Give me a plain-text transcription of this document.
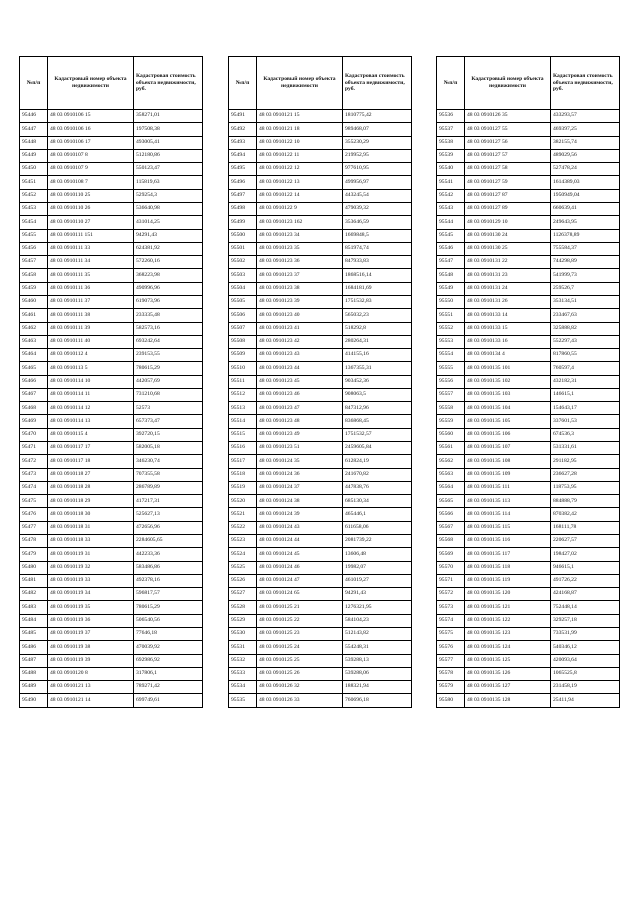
№п/п	Кадастровый номер объекта недвижимости	Кадастровая стоимость объекта недвижимости, руб.
95446	48 03 0910106 15	358271,01
95447	48 03 0910106 16	197508,38
95448	48 03 0910106 17	493005,41
95449	48 03 0910107 8	512180,86
95450	48 03 0910107 9	550123,47
95451	48 03 0910108 7	115819,63
95452	48 03 0910110 25	529254,3
95453	48 03 0910110 26	536640,98
95454	48 03 0910110 27	431014,25
95455	48 03 0910111 151	94291,43
95456	48 03 0910111 33	624381,92
95457	48 03 0910111 34	572260,16
95458	48 03 0910111 35	368223,98
95459	48 03 0910111 36	490996,96
95460	48 03 0910111 37	619073,96
95461	48 03 0910111 38	233335,48
95462	48 03 0910111 39	582573,16
95463	48 03 0910111 40	693242,64
95464	48 03 0910112 4	239153,55
95465	48 03 0910113 5	780615,29
95466	48 03 0910114 10	442057,69
95467	48 03 0910114 11	731210,68
95468	48 03 0910114 12	52573
95469	48 03 0910114 13	657373,47
95470	48 03 0910115 4	392720,15
95471	48 03 0910117 17	582005,18
95472	48 03 0910117 18	346230,74
95473	48 03 0910118 27	707355,58
95474	48 03 0910118 28	286789,89
95475	48 03 0910118 29	417217,31
95476	48 03 0910118 30	525627,13
95477	48 03 0910118 31	472656,96
95478	48 03 0910118 33	2284605,65
95479	48 03 0910119 31	442233,36
95480	48 03 0910119 32	583486,86
95481	48 03 0910119 33	492378,16
95482	48 03 0910119 34	596817,57
95483	48 03 0910119 35	780615,29
95484	48 03 0910119 36	506540,56
95485	48 03 0910119 37	77646,18
95486	48 03 0910119 38	470039,92
95487	48 03 0910119 39	692986,92
95488	48 03 0910120 8	317806,1
95489	48 03 0910121 13	789271,42
95490	48 03 0910121 14	699749,61
№п/п	Кадастровый номер объекта недвижимости	Кадастровая стоимость объекта недвижимости, руб.
95491	48 03 0910121 15	1810775,42
95492	48 03 0910121 18	989468,07
95493	48 03 0910122 10	355230,29
95494	48 03 0910122 11	219952,95
95495	48 03 0910122 12	977610,95
95496	48 03 0910122 13	499956,97
95497	48 03 0910122 14	443245,54
95498	48 03 0910122 9	479039,32
95499	48 03 0910123 162	353646,59
95500	48 03 0910123 34	1669848,5
95501	48 03 0910123 35	851974,74
95502	48 03 0910123 36	847933,83
95503	48 03 0910123 37	1868516,14
95504	48 03 0910123 38	1684181,69
95505	48 03 0910123 39	1751532,83
95506	48 03 0910123 40	565032,23
95507	48 03 0910123 41	518292,8
95508	48 03 0910123 42	280264,31
95509	48 03 0910123 43	414155,16
95510	48 03 0910123 44	1367355,31
95511	48 03 0910123 45	903452,36
95512	48 03 0910123 46	908063,5
95513	48 03 0910123 47	847312,96
95514	48 03 0910123 48	836868,45
95515	48 03 0910123 49	1751532,57
95516	48 03 0910123 51	2459605,84
95517	48 03 0910124 35	612824,19
95518	48 03 0910124 36	241670,82
95519	48 03 0910124 37	447838,76
95520	48 03 0910124 38	685130,34
95521	48 03 0910124 39	465446,1
95522	48 03 0910124 43	611658,06
95523	48 03 0910124 44	2081739,22
95524	48 03 0910124 45	13606,48
95525	48 03 0910124 46	19982,07
95526	48 03 0910124 47	461019,27
95527	48 03 0910124 65	94291,43
95528	48 03 0910125 21	1276321,95
95529	48 03 0910125 22	584104,23
95530	48 03 0910125 23	512143,82
95531	48 03 0910125 24	554248,31
95532	48 03 0910125 25	539288,13
95533	48 03 0910125 26	539288,06
95534	48 03 0910126 32	188321,94
95535	48 03 0910126 33	760696,18
№п/п	Кадастровый номер объекта недвижимости	Кадастровая стоимость объекта недвижимости, руб.
95536	48 03 0910126 35	433293,57
95537	48 03 0910127 55	469397,25
95538	48 03 0910127 56	382155,74
95539	48 03 0910127 57	489029,56
95540	48 03 0910127 58	527478,24
95541	48 03 0910127 59	1614389,03
95542	48 03 0910127 87	1950949,04
95543	48 03 0910127 89	660639,41
95544	48 03 0910129 10	249643,95
95545	48 03 0910130 24	1126378,89
95546	48 03 0910130 25	755584,37
95547	48 03 0910131 22	744298,89
95548	48 03 0910131 23	541999,73
95549	48 03 0910131 24	259526,7
95550	48 03 0910131 26	353134,51
95551	48 03 0910133 14	233467,63
95552	48 03 0910133 15	325888,82
95553	48 03 0910133 16	552297,43
95554	48 03 0910134 4	817860,55
95555	48 03 0910135 101	760597,4
95556	48 03 0910135 102	432182,31
95557	48 03 0910135 103	146615,1
95558	48 03 0910135 104	154643,17
95559	48 03 0910135 105	337601,53
95560	48 03 0910135 106	674536,3
95561	48 03 0910135 107	531331,61
95562	48 03 0910135 108	291182,95
95563	48 03 0910135 109	236627,28
95564	48 03 0910135 111	118753,95
95565	48 03 0910135 113	884888,79
95566	48 03 0910135 114	870382,42
95567	48 03 0910135 115	168111,78
95568	48 03 0910135 116	220627,57
95569	48 03 0910135 117	198427,02
95570	48 03 0910135 118	946615,1
95571	48 03 0910135 119	491726,22
95572	48 03 0910135 120	424168,87
95573	48 03 0910135 121	752448,14
95574	48 03 0910135 122	329257,18
95575	48 03 0910135 123	733531,99
95576	48 03 0910135 124	540346,12
95577	48 03 0910135 125	420093,64
95578	48 03 0910135 126	1065525,8
95579	48 03 0910135 127	231458,19
95580	48 03 0910135 128	25411,94
